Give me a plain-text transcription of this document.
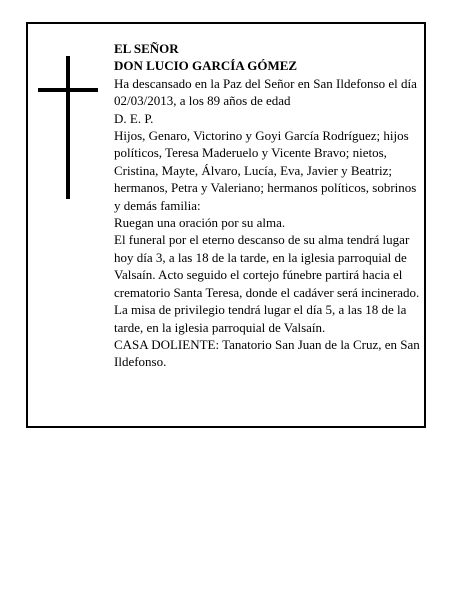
EL SEÑOR

DON LUCIO GARCÍA GÓMEZ

Ha descansado en la Paz del Señor en San Ildefonso el día 02/03/2013, a los 89 años de edad

D. E. P.

Hijos, Genaro, Victorino y Goyi García Rodríguez; hijos políticos, Teresa Maderuelo y Vicente Bravo; nietos, Cristina, Mayte, Álvaro, Lucía, Eva, Javier y Beatriz; hermanos, Petra y Valeriano; hermanos políticos, sobrinos y demás familia:

Ruegan una oración por su alma.

El funeral por el eterno descanso de su alma tendrá lugar hoy día 3, a las 18 de la tarde, en la iglesia parroquial de Valsaín. Acto seguido el cortejo fúnebre partirá hacia el crematorio Santa Teresa, donde el cadáver será incinerado. La misa de privilegio tendrá lugar el día 5, a las 18 de la tarde, en la iglesia parroquial de Valsaín.

CASA DOLIENTE: Tanatorio San Juan de la Cruz, en San Ildefonso.
